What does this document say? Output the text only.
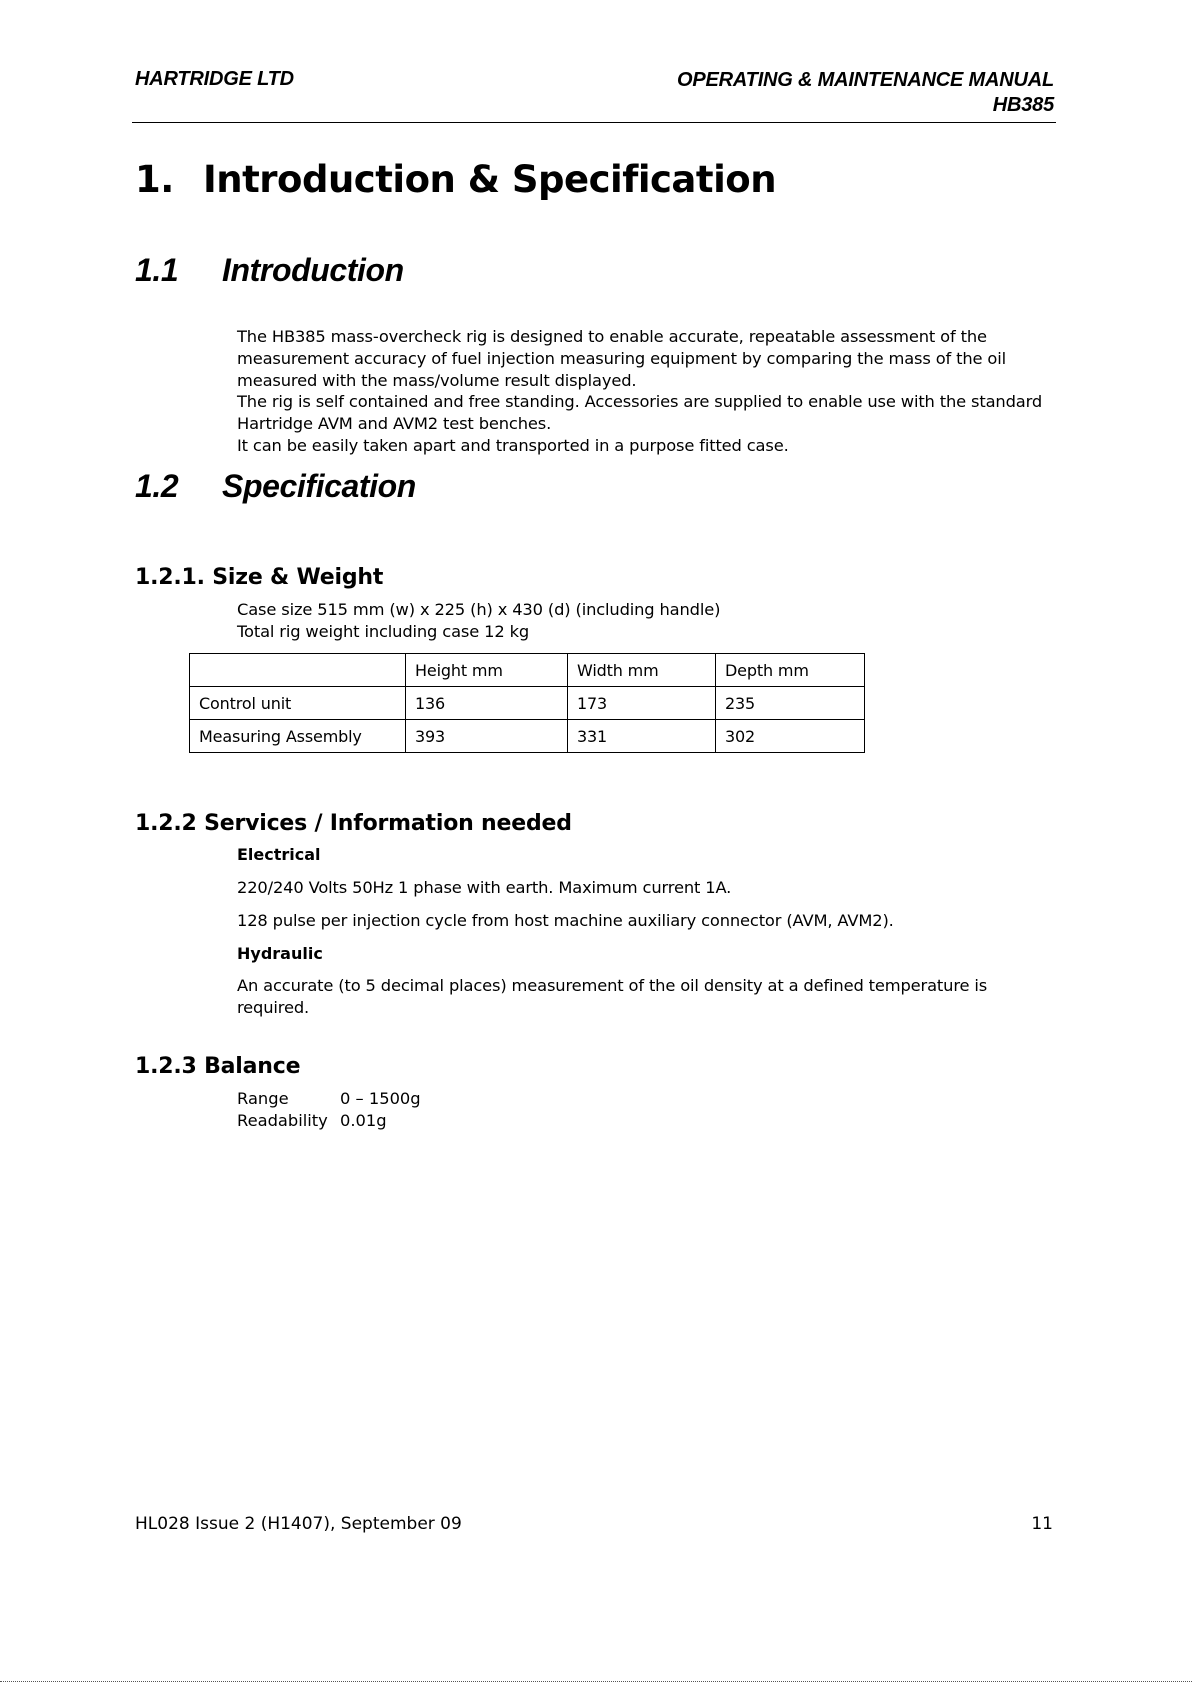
HARTRIDGE LTD	OPERATING & MAINTENANCE MANUAL
HB385
1. Introduction & Specification
1.1 Introduction

The HB385 mass-overcheck rig is designed to enable accurate, repeatable assessment of the measurement accuracy of fuel injection measuring equipment by comparing the mass of the oil measured with the mass/volume result displayed.

The rig is self contained and free standing. Accessories are supplied to enable use with the standard Hartridge AVM and AVM2 test benches.

It can be easily taken apart and transported in a purpose fitted case.

1.2 Specification
1.2.1. Size & Weight

Case size 515 mm (w) x 225 (h) x 430 (d) (including handle)

Total rig weight including case 12 kg

	Height mm	Width mm	Depth mm
Control unit	136	173	235
Measuring Assembly	393	331	302
1.2.2 Services / Information needed
Electrical
220/240 Volts 50Hz 1 phase with earth. Maximum current 1A.
128 pulse per injection cycle from host machine auxiliary connector (AVM, AVM2).
Hydraulic
An accurate (to 5 decimal places) measurement of the oil density at a defined temperature is required.
1.2.3 Balance
Range	0 – 1500g
Readability 0.01g
HL028 Issue 2 (H1407), September 09	11
